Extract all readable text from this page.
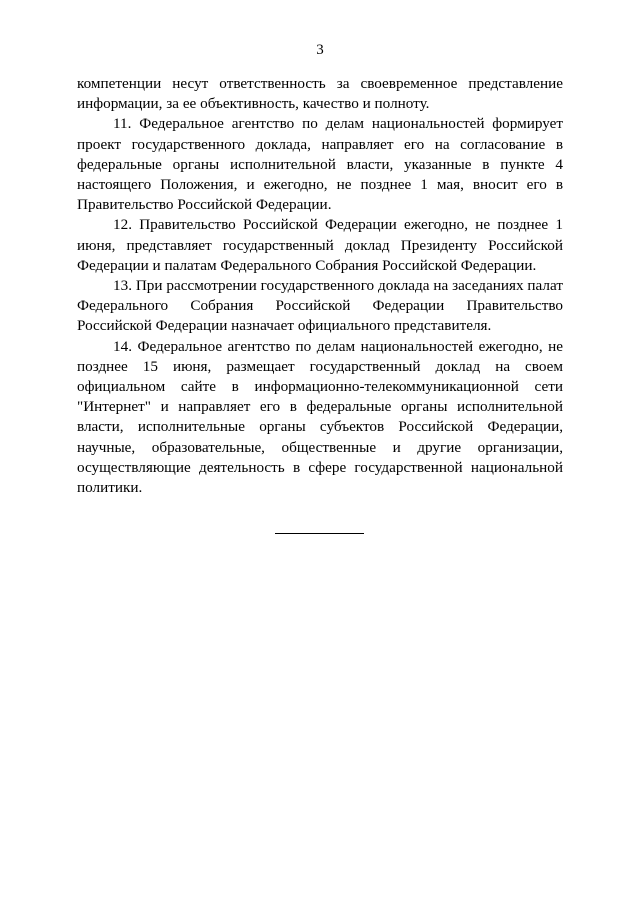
3

компетенции несут ответственность за своевременное представление информации, за ее объективность, качество и полноту.

11. Федеральное агентство по делам национальностей формирует проект государственного доклада, направляет его на согласование в федеральные органы исполнительной власти, указанные в пункте 4 настоящего Положения, и ежегодно, не позднее 1 мая, вносит его в Правительство Российской Федерации.

12. Правительство Российской Федерации ежегодно, не позднее 1 июня, представляет государственный доклад Президенту Российской Федерации и палатам Федерального Собрания Российской Федерации.

13. При рассмотрении государственного доклада на заседаниях палат Федерального Собрания Российской Федерации Правительство Российской Федерации назначает официального представителя.

14. Федеральное агентство по делам национальностей ежегодно, не позднее 15 июня, размещает государственный доклад на своем официальном сайте в информационно-телекоммуникационной сети "Интернет" и направляет его в федеральные органы исполнительной власти, исполнительные органы субъектов Российской Федерации, научные, образовательные, общественные и другие организации, осуществляющие деятельность в сфере государственной национальной политики.
